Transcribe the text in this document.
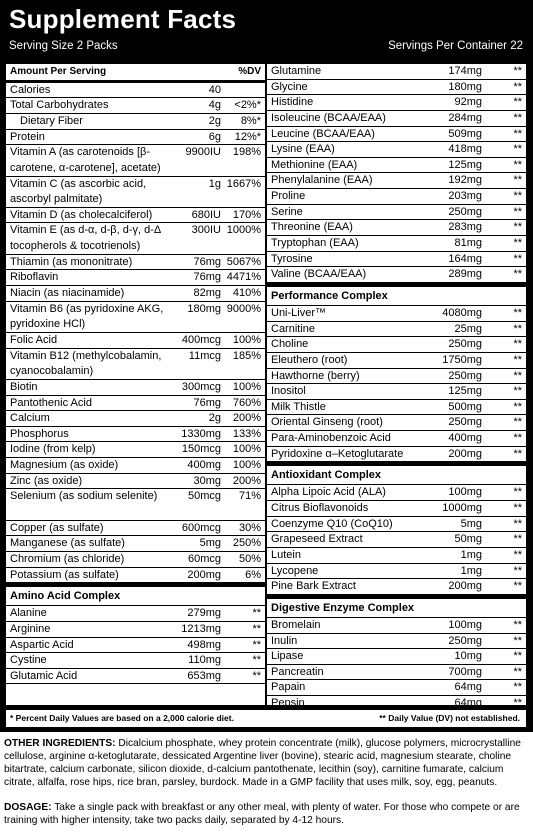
Supplement Facts
Serving Size 2 Packs	Servings Per Container 22
Amount Per Serving	%DV
Calories	40
Total Carbohydrates	4g <2%*
Dietary Fiber	2g 8%*
Protein	6g 12%*
Vitamin A (as carotenoids [β-carotene, α-carotene], acetate)
9900IU 198%
Vitamin C (as ascorbic acid, ascorbyl palmitate)
1g 1667%
Vitamin D (as cholecalciferol)	680IU 170%
Vitamin E (as d-α, d-β, d-γ, d-Δ tocopherols & tocotrienols)
300IU 1000%
Thiamin (as mononitrate)	76mg 5067%
Riboflavin	76mg 4471%
Niacin (as niacinamide)	82mg 410%
Vitamin B6 (as pyridoxine AKG, pyridoxine HCl)
180mg 9000%
Folic Acid	400mcg 100%
Vitamin B12 (methylcobalamin, cyanocobalamin)
11mcg 185%
Biotin	300mcg 100%
Pantothenic Acid	76mg 760%
Calcium	2g 200%
Phosphorus	1330mg 133%
Iodine (from kelp)	150mcg 100%
Magnesium (as oxide)	400mg 100%
Zinc (as oxide)	30mg 200%
Selenium (as sodium selenite)	50mcg 71%
Copper (as sulfate)	600mcg 30%
Manganese (as sulfate)	5mg 250%
Chromium (as chloride)	60mcg 50%
Potassium (as sulfate)	200mg 6%
Amino Acid Complex
Alanine	279mg	**
Arginine	1213mg	**
Aspartic Acid	498mg	**
Cystine	110mg	**
Glutamic Acid	653mg	**
Glutamine	174mg	**
Glycine	180mg	**
Histidine	92mg	**
Isoleucine (BCAA/EAA)	284mg	**
Leucine (BCAA/EAA)	509mg	**
Lysine (EAA)	418mg	**
Methionine (EAA)	125mg	**
Phenylalanine (EAA)	192mg	**
Proline	203mg	**
Serine	250mg	**
Threonine (EAA)	283mg	**
Tryptophan (EAA)	81mg	**
Tyrosine	164mg	**
Valine (BCAA/EAA)	289mg	**
Performance Complex
Uni-Liver™	4080mg	**
Carnitine	25mg	**
Choline	250mg	**
Eleuthero (root)	1750mg	**
Hawthorne (berry)	250mg	**
Inositol	125mg	**
Milk Thistle	500mg	**
Oriental Ginseng (root)	250mg	**
Para-Aminobenzoic Acid	400mg	**
Pyridoxine α–Ketoglutarate	200mg	**
Antioxidant Complex
Alpha Lipoic Acid (ALA)	100mg	**
Citrus Bioflavonoids	1000mg	**
Coenzyme Q10 (CoQ10)	5mg	**
Grapeseed Extract	50mg	**
Lutein	1mg	**
Lycopene	1mg	**
Pine Bark Extract	200mg	**
Digestive Enzyme Complex
Bromelain	100mg	**
Inulin	250mg	**
Lipase	10mg	**
Pancreatin	700mg	**
Papain	64mg	**
Pepsin	64mg	**
* Percent Daily Values are based on a 2,000 calorie diet.	** Daily Value (DV) not established.
OTHER INGREDIENTS: Dicalcium phosphate, whey protein concentrate (milk), glucose polymers, microcrystalline cellulose, arginine α-ketoglutarate, dessicated Argentine liver (bovine), stearic acid, magnesium stearate, choline bitartrate, calcium carbonate, silicon dioxide, d-calcium pantothenate, lecithin (soy), carnitine fumarate, calcium citrate, alfalfa, rose hips, rice bran, parsley, burdock. Made in a GMP facility that uses milk, soy, egg, peanuts.
DOSAGE: Take a single pack with breakfast or any other meal, with plenty of water. For those who compete or are training with higher intensity, take two packs daily, separated by 4-12 hours.
